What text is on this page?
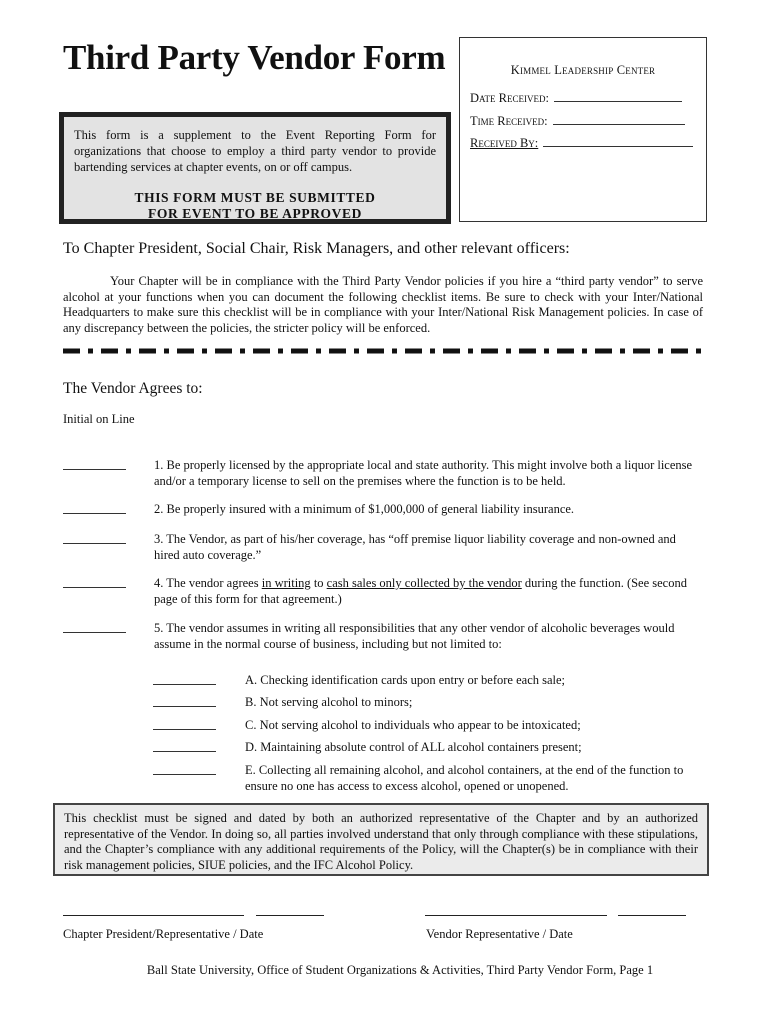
Third Party Vendor Form	Kimmel Leadership Center
Date Received:
Time Received:
Received By:
This form is a supplement to the Event Reporting Form for organizations that choose to employ a third party vendor to provide bartending services at chapter events, on or off campus.
THIS FORM MUST BE SUBMITTED
FOR EVENT TO BE APPROVED
To Chapter President, Social Chair, Risk Managers, and other relevant officers:
Your Chapter will be in compliance with the Third Party Vendor policies if you hire a “third party vendor” to serve alcohol at your functions when you can document the following checklist items. Be sure to check with your Inter/National Headquarters to make sure this checklist will be in compliance with your Inter/National Risk Management policies. In case of any discrepancy between the policies, the stricter policy will be enforced.
The Vendor Agrees to:
Initial on Line
1. Be properly licensed by the appropriate local and state authority. This might involve both a liquor license and/or a temporary license to sell on the premises where the function is to be held.
2. Be properly insured with a minimum of $1,000,000 of general liability insurance.
3. The Vendor, as part of his/her coverage, has “off premise liquor liability coverage and non-owned and hired auto coverage.”
4. The vendor agrees in writing to cash sales only collected by the vendor during the function. (See second page of this form for that agreement.)
5. The vendor assumes in writing all responsibilities that any other vendor of alcoholic beverages would assume in the normal course of business, including but not limited to:
A. Checking identification cards upon entry or before each sale;
B. Not serving alcohol to minors;
C. Not serving alcohol to individuals who appear to be intoxicated;
D. Maintaining absolute control of ALL alcohol containers present;
E. Collecting all remaining alcohol, and alcohol containers, at the end of the function to ensure no one has access to excess alcohol, opened or unopened.
This checklist must be signed and dated by both an authorized representative of the Chapter and by an authorized representative of the Vendor. In doing so, all parties involved understand that only through compliance with these stipulations, and the Chapter’s compliance with any additional requirements of the Policy, will the Chapter(s) be in compliance with their risk management policies, SIUE policies, and the IFC Alcohol Policy.
Chapter President/Representative / Date	Vendor Representative / Date
Ball State University, Office of Student Organizations & Activities, Third Party Vendor Form, Page 1
